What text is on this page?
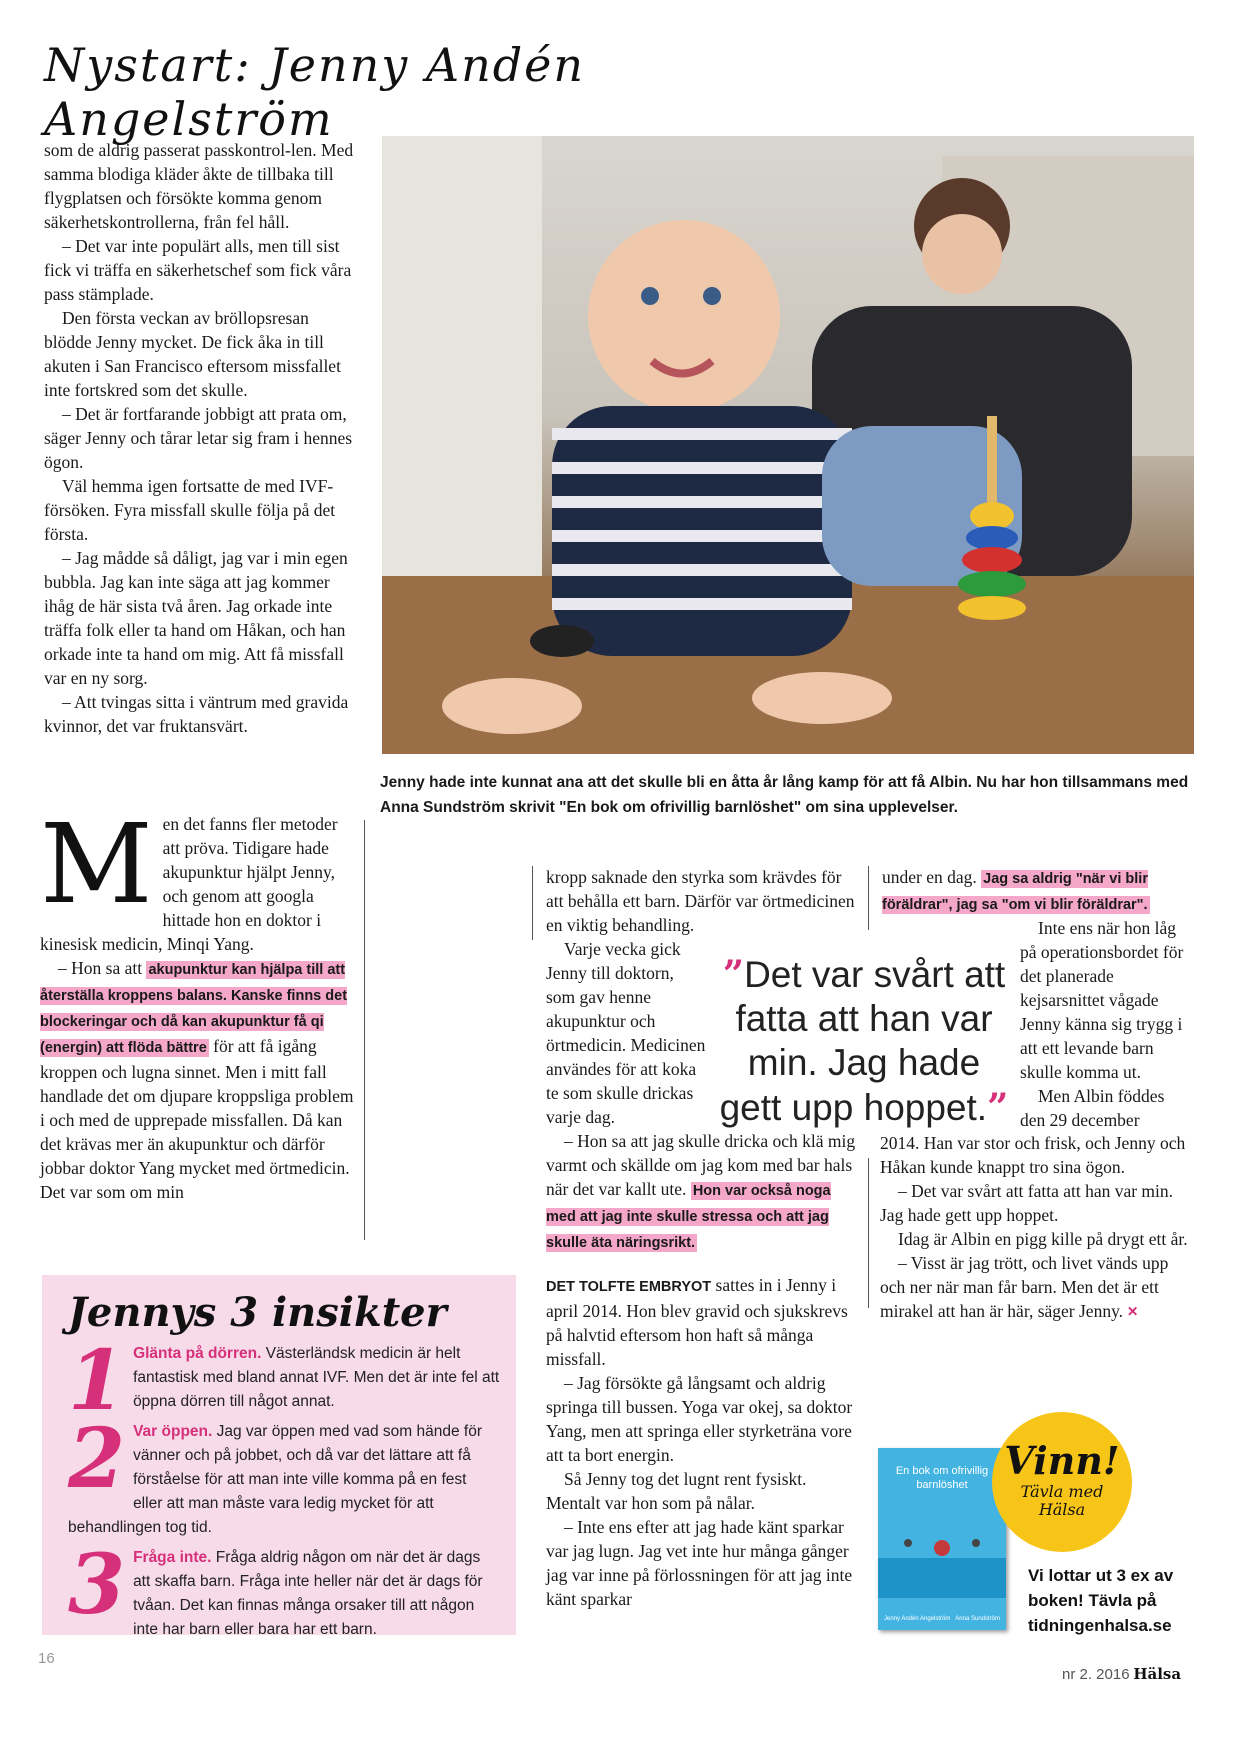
Nystart: Jenny Andén Angelström

som de aldrig passerat passkontrol-len. Med samma blodiga kläder åkte de tillbaka till flygplatsen och försökte komma genom säkerhetskontrollerna, från fel håll.

– Det var inte populärt alls, men till sist fick vi träffa en säkerhetschef som fick våra pass stämplade.

Den första veckan av bröllopsresan blödde Jenny mycket. De fick åka in till akuten i San Francisco eftersom missfallet inte fortskred som det skulle.

– Det är fortfarande jobbigt att prata om, säger Jenny och tårar letar sig fram i hennes ögon.

Väl hemma igen fortsatte de med IVF-försöken. Fyra missfall skulle följa på det första.

– Jag mådde så dåligt, jag var i min egen bubbla. Jag kan inte säga att jag kommer ihåg de här sista två åren. Jag orkade inte träffa folk eller ta hand om Håkan, och han orkade inte ta hand om mig. Att få missfall var en ny sorg.

– Att tvingas sitta i väntrum med gravida kvinnor, det var fruktansvärt.

M en det fanns fler metoder att pröva. Tidigare hade akupunktur hjälpt Jenny, och genom att googla hittade hon en doktor i kinesisk medicin, Minqi Yang.

– Hon sa att akupunktur kan hjälpa till att återställa kroppens balans. Kanske finns det blockeringar och då kan akupunktur få qi (energin) att flöda bättre för att få igång kroppen och lugna sinnet. Men i mitt fall handlade det om djupare kroppsliga problem i och med de upprepade missfallen. Då kan det krävas mer än akupunktur och därför jobbar doktor Yang mycket med örtmedicin. Det var som om min

Jenny hade inte kunnat ana att det skulle bli en åtta år lång kamp för att få Albin. Nu har hon tillsammans med Anna Sundström skrivit "En bok om ofrivillig barnlöshet" om sina upplevelser.

kropp saknade den styrka som krävdes för att behålla ett barn. Därför var örtmedicinen en viktig behandling.

Varje vecka gick Jenny till doktorn, som gav henne akupunktur och örtmedicin. Medicinen användes för att koka te som skulle drickas varje dag.

”Det var svårt att fatta att han var min. Jag hade gett upp hoppet.”

– Hon sa att jag skulle dricka och klä mig varmt och skällde om jag kom med bar hals när det var kallt ute. Hon var också noga med att jag inte skulle stressa och att jag skulle äta näringsrikt.

DET TOLFTE EMBRYOT sattes in i Jenny i april 2014. Hon blev gravid och sjukskrevs på halvtid eftersom hon haft så många missfall.

– Jag försökte gå långsamt och aldrig springa till bussen. Yoga var okej, sa doktor Yang, men att springa eller styrketräna vore att ta bort energin.

Så Jenny tog det lugnt rent fysiskt. Mentalt var hon som på nålar.

– Inte ens efter att jag hade känt sparkar var jag lugn. Jag vet inte hur många gånger jag var inne på förlossningen för att jag inte känt sparkar

under en dag. Jag sa aldrig "när vi blir föräldrar", jag sa "om vi blir föräldrar".

Inte ens när hon låg på operationsbordet för det planerade kejsarsnittet vågade Jenny känna sig trygg i att ett levande barn skulle komma ut.

Men Albin föddes den 29 december

2014. Han var stor och frisk, och Jenny och Håkan kunde knappt tro sina ögon.

– Det var svårt att fatta att han var min. Jag hade gett upp hoppet.

Idag är Albin en pigg kille på drygt ett år.

– Visst är jag trött, och livet vänds upp och ner när man får barn. Men det är ett mirakel att han är här, säger Jenny. ×

Jennys 3 insikter
1 Glänta på dörren. Västerländsk medicin är helt fantastisk med bland annat IVF. Men det är inte fel att öppna dörren till något annat.
2 Var öppen. Jag var öppen med vad som hände för vänner och på jobbet, och då var det lättare att få förståelse för att man inte ville komma på en fest eller att man måste vara ledig mycket för att behandlingen tog tid.
3 Fråga inte. Fråga aldrig någon om när det är dags att skaffa barn. Fråga inte heller när det är dags för tvåan. Det kan finnas många orsaker till att någon inte har barn eller bara har ett barn.
En bok om ofrivillig barnlöshet
Jenny Andén Angelström Anna Sundström
Vinn!
Tävla med Hälsa
Vi lottar ut 3 ex av boken! Tävla på tidningenhalsa.se
16
nr 2. 2016 Hälsa
